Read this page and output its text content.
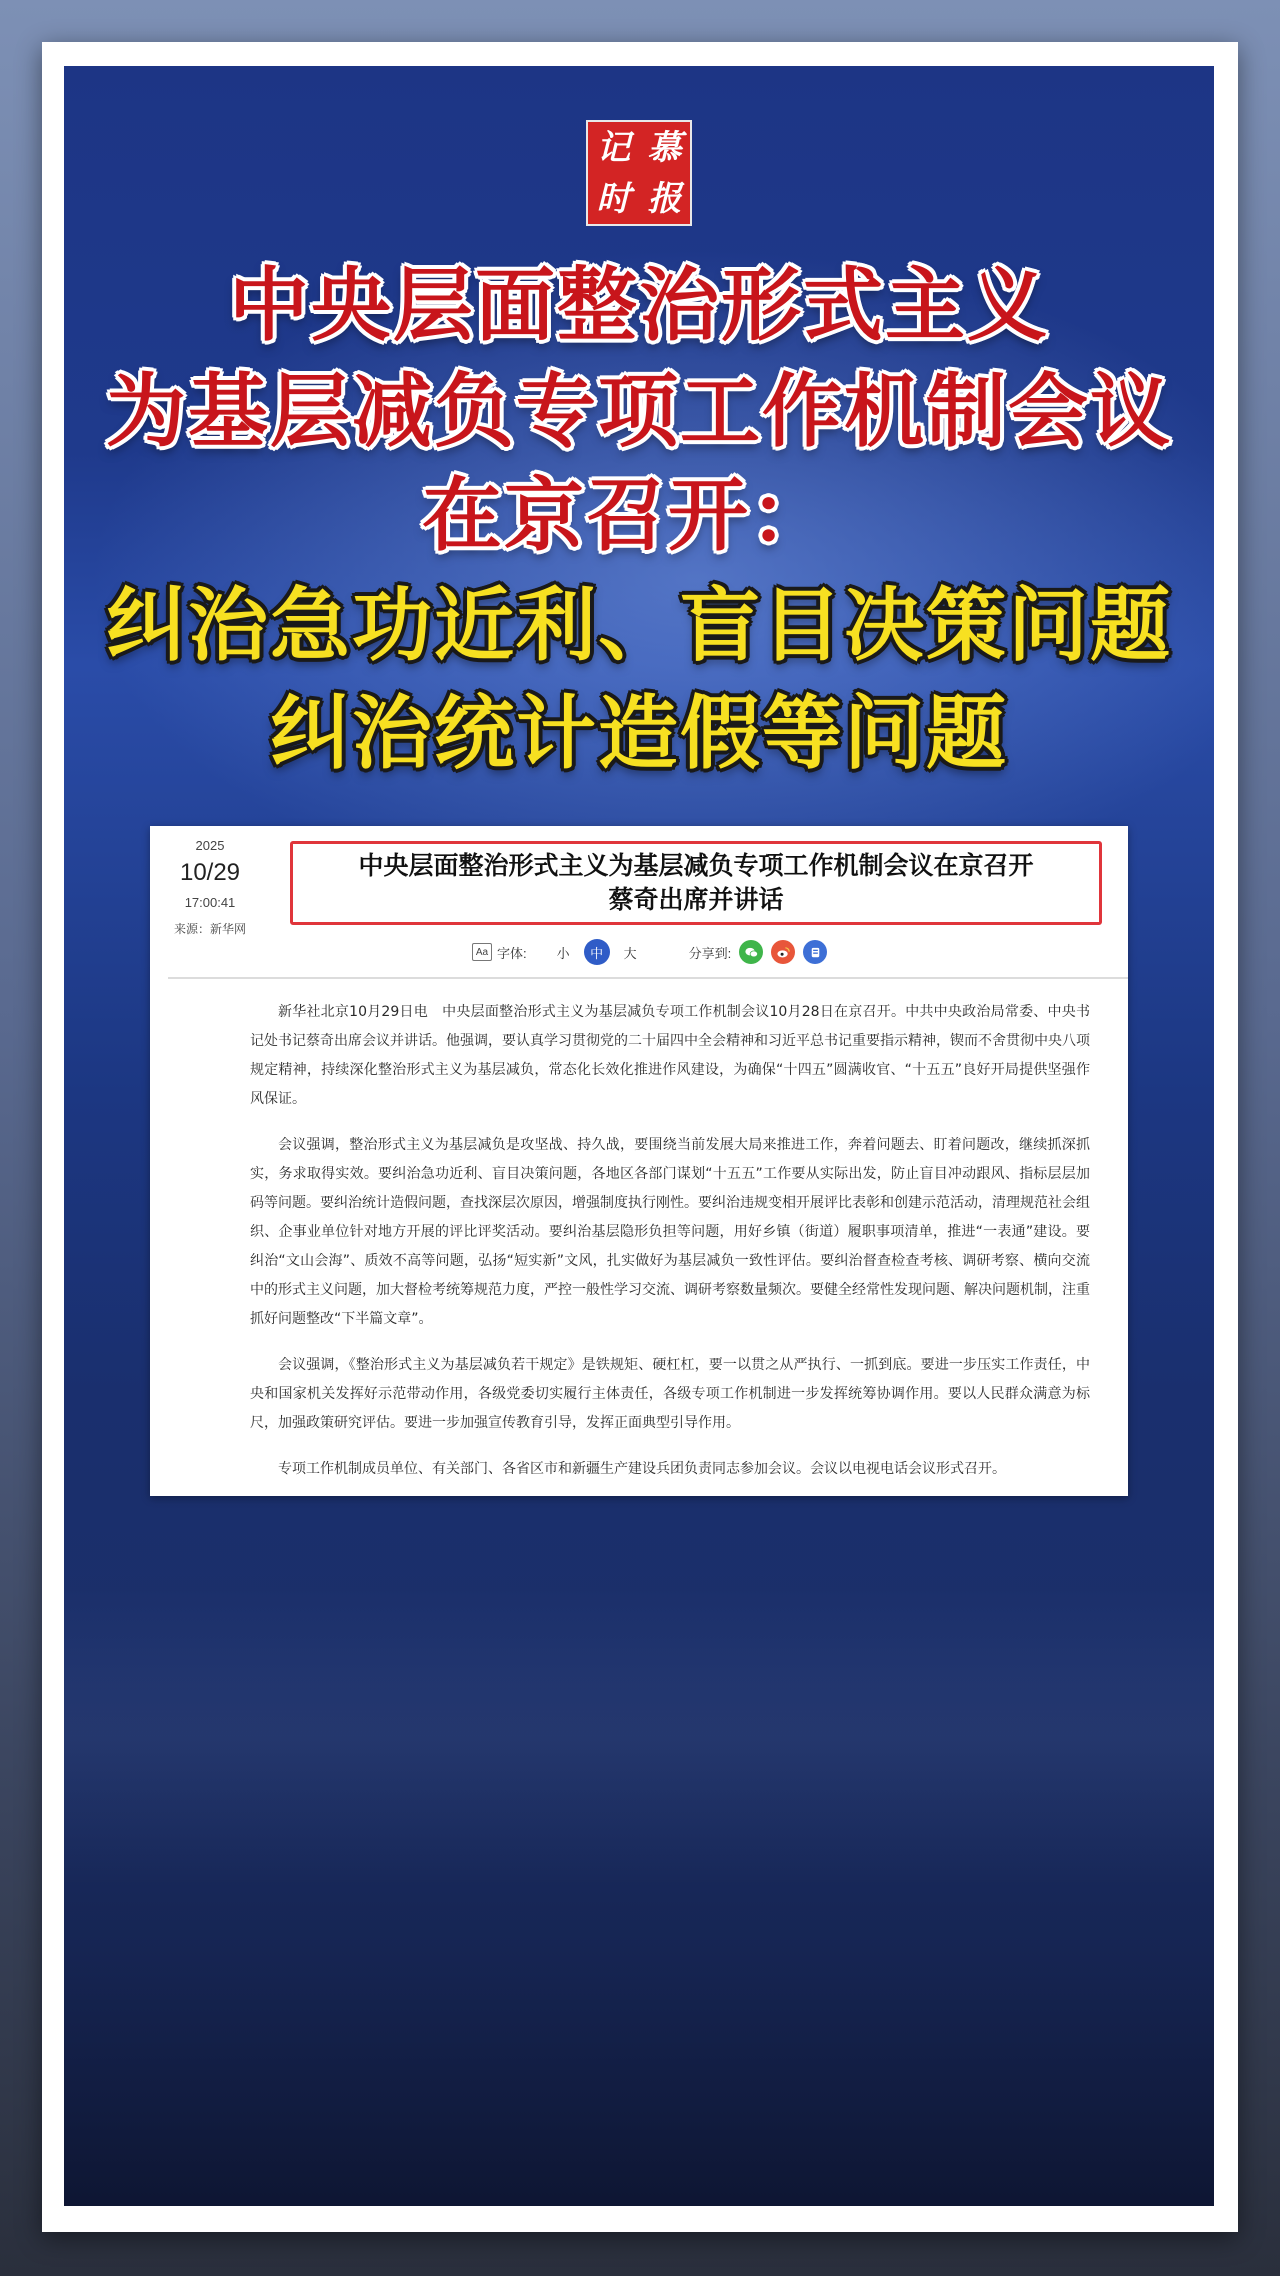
记 慕
时 报

中央层面整治形式主义

为基层减负专项工作机制会议

在京召开：

纠治急功近利、盲目决策问题

纠治统计造假等问题

2025
10/29
17:00:41
来源：新华网
中央层面整治形式主义为基层减负专项工作机制会议在京召开
蔡奇出席并讲话
Aa 字体: 小	中	大	分享到:

新华社北京10月29日电　中央层面整治形式主义为基层减负专项工作机制会议10月28日在京召开。中共中央政治局常委、中央书记处书记蔡奇出席会议并讲话。他强调，要认真学习贯彻党的二十届四中全会精神和习近平总书记重要指示精神，锲而不舍贯彻中央八项规定精神，持续深化整治形式主义为基层减负，常态化长效化推进作风建设，为确保“十四五”圆满收官、“十五五”良好开局提供坚强作风保证。

会议强调，整治形式主义为基层减负是攻坚战、持久战，要围绕当前发展大局来推进工作，奔着问题去、盯着问题改，继续抓深抓实，务求取得实效。要纠治急功近利、盲目决策问题，各地区各部门谋划“十五五”工作要从实际出发，防止盲目冲动跟风、指标层层加码等问题。要纠治统计造假问题，查找深层次原因，增强制度执行刚性。要纠治违规变相开展评比表彰和创建示范活动，清理规范社会组织、企事业单位针对地方开展的评比评奖活动。要纠治基层隐形负担等问题，用好乡镇（街道）履职事项清单，推进“一表通”建设。要纠治“文山会海”、质效不高等问题，弘扬“短实新”文风，扎实做好为基层减负一致性评估。要纠治督查检查考核、调研考察、横向交流中的形式主义问题，加大督检考统筹规范力度，严控一般性学习交流、调研考察数量频次。要健全经常性发现问题、解决问题机制，注重抓好问题整改“下半篇文章”。

会议强调，《整治形式主义为基层减负若干规定》是铁规矩、硬杠杠，要一以贯之从严执行、一抓到底。要进一步压实工作责任，中央和国家机关发挥好示范带动作用，各级党委切实履行主体责任，各级专项工作机制进一步发挥统筹协调作用。要以人民群众满意为标尺，加强政策研究评估。要进一步加强宣传教育引导，发挥正面典型引导作用。

专项工作机制成员单位、有关部门、各省区市和新疆生产建设兵团负责同志参加会议。会议以电视电话会议形式召开。
